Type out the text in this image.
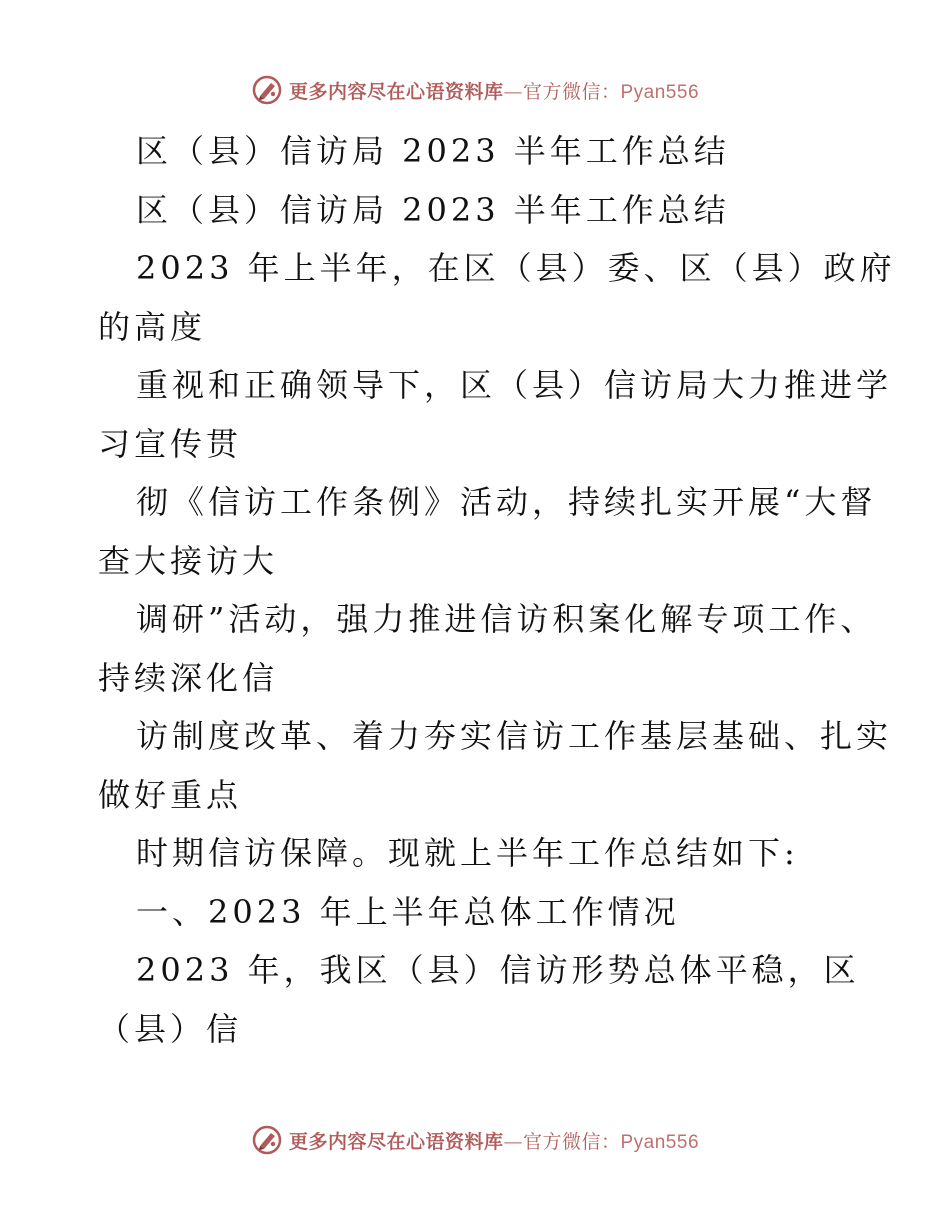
更多内容尽在心语资料库—官方微信：Pyan556
区（县）信访局 2023 半年工作总结
区（县）信访局 2023 半年工作总结
2023 年上半年，在区（县）委、区（县）政府
的高度
重视和正确领导下，区（县）信访局大力推进学
习宣传贯
彻《信访工作条例》活动，持续扎实开展“大督
查大接访大
调研”活动，强力推进信访积案化解专项工作、
持续深化信
访制度改革、着力夯实信访工作基层基础、扎实
做好重点
时期信访保障。现就上半年工作总结如下:
一、2023 年上半年总体工作情况
2023 年，我区（县）信访形势总体平稳，区
（县）信
更多内容尽在心语资料库—官方微信：Pyan556
